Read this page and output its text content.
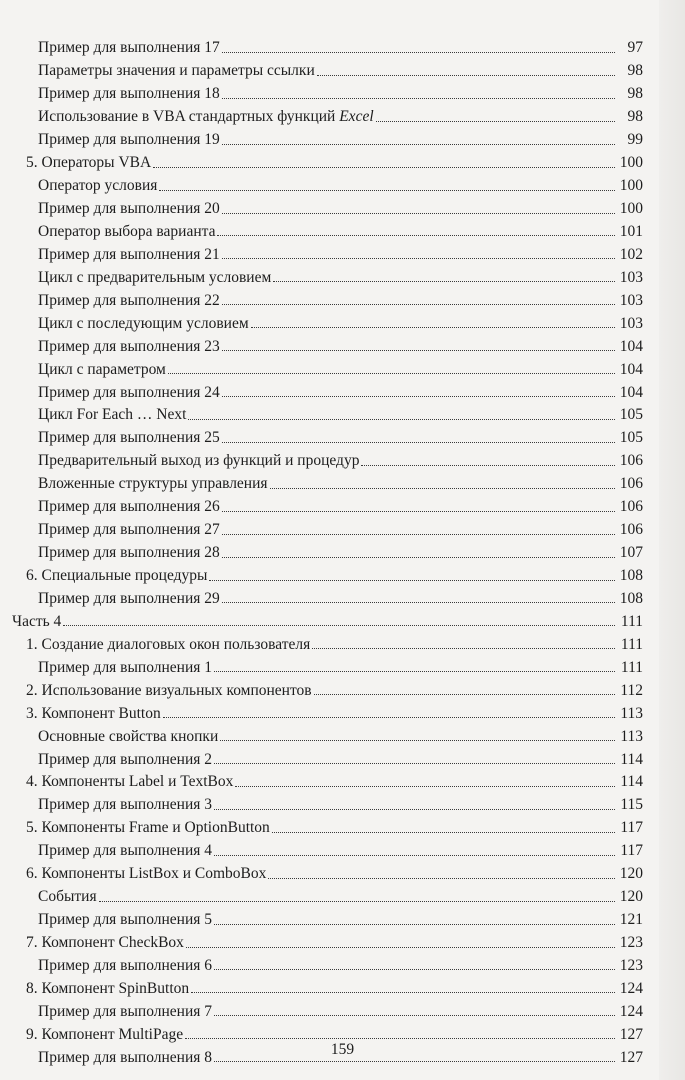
Пример для выполнения 17	97
Параметры значения и параметры ссылки	98
Пример для выполнения 18	98
Использование в VBA стандартных функций Excel	98
Пример для выполнения 19	99
5. Операторы VBA	100
Оператор условия	100
Пример для выполнения 20	100
Оператор выбора варианта	101
Пример для выполнения 21	102
Цикл с предварительным условием	103
Пример для выполнения 22	103
Цикл с последующим условием	103
Пример для выполнения 23	104
Цикл с параметром	104
Пример для выполнения 24	104
Цикл For Each … Next	105
Пример для выполнения 25	105
Предварительный выход из функций и процедур	106
Вложенные структуры управления	106
Пример для выполнения 26	106
Пример для выполнения 27	106
Пример для выполнения 28	107
6. Специальные процедуры	108
Пример для выполнения 29	108
Часть 4	111
1. Создание диалоговых окон пользователя	111
Пример для выполнения 1	111
2. Использование визуальных компонентов	112
3. Компонент Button	113
Основные свойства кнопки	113
Пример для выполнения 2	114
4. Компоненты Label и TextBox	114
Пример для выполнения 3	115
5. Компоненты Frame и OptionButton	117
Пример для выполнения 4	117
6. Компоненты ListBox и ComboBox	120
События	120
Пример для выполнения 5	121
7. Компонент CheckBox	123
Пример для выполнения 6	123
8. Компонент SpinButton	124
Пример для выполнения 7	124
9. Компонент MultiPage	127
Пример для выполнения 8	127
159
